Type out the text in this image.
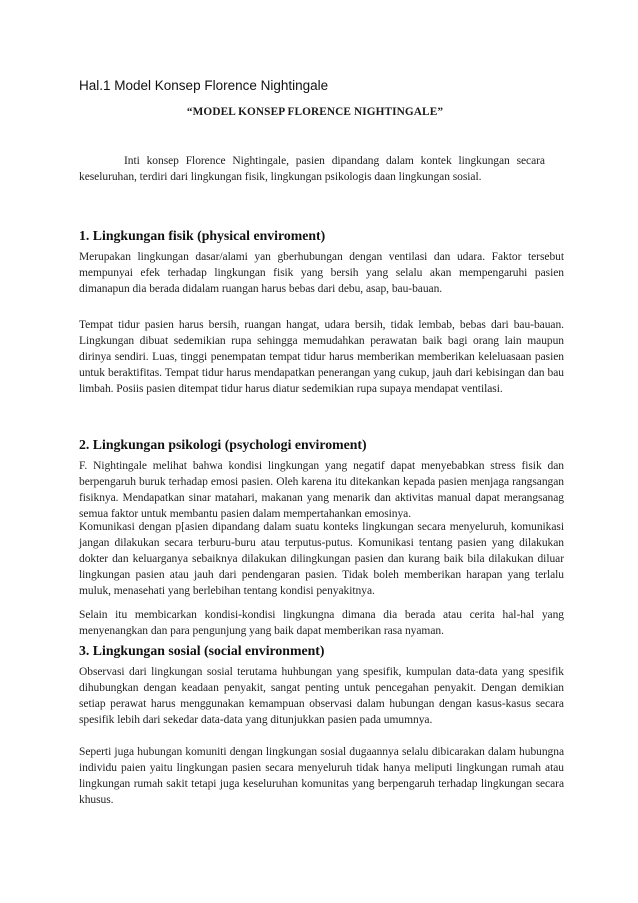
Hal.1 Model Konsep Florence Nightingale
“MODEL KONSEP FLORENCE NIGHTINGALE”
Inti konsep Florence Nightingale, pasien dipandang dalam kontek lingkungan secara keseluruhan, terdiri dari lingkungan fisik, lingkungan psikologis daan lingkungan sosial.
1. Lingkungan fisik (physical enviroment)
Merupakan lingkungan dasar/alami yan gberhubungan dengan ventilasi dan udara. Faktor tersebut mempunyai efek terhadap lingkungan fisik yang bersih yang selalu akan mempengaruhi pasien dimanapun dia berada didalam ruangan harus bebas dari debu, asap, bau-bauan.
Tempat tidur pasien harus bersih, ruangan hangat, udara bersih, tidak lembab, bebas dari bau-bauan. Lingkungan dibuat sedemikian rupa sehingga memudahkan perawatan baik bagi orang lain maupun dirinya sendiri. Luas, tinggi penempatan tempat tidur harus memberikan memberikan keleluasaan pasien untuk beraktifitas. Tempat tidur harus mendapatkan penerangan yang cukup, jauh dari kebisingan dan bau limbah. Posiis pasien ditempat tidur harus diatur sedemikian rupa supaya mendapat ventilasi.
2. Lingkungan psikologi (psychologi enviroment)
F. Nightingale melihat bahwa kondisi lingkungan yang negatif dapat menyebabkan stress fisik dan berpengaruh buruk terhadap emosi pasien. Oleh karena itu ditekankan kepada pasien menjaga rangsangan fisiknya. Mendapatkan sinar matahari, makanan yang menarik dan aktivitas manual dapat merangsanag semua faktor untuk membantu pasien dalam mempertahankan emosinya.
Komunikasi dengan p[asien dipandang dalam suatu konteks lingkungan secara menyeluruh, komunikasi jangan dilakukan secara terburu-buru atau terputus-putus. Komunikasi tentang pasien yang dilakukan dokter dan keluarganya sebaiknya dilakukan dilingkungan pasien dan kurang baik bila dilakukan diluar lingkungan pasien atau jauh dari pendengaran pasien. Tidak boleh memberikan harapan yang terlalu muluk, menasehati yang berlebihan tentang kondisi penyakitnya.
Selain itu membicarkan kondisi-kondisi lingkungna dimana dia berada atau cerita hal-hal yang menyenangkan dan para pengunjung yang baik dapat memberikan rasa nyaman.
3. Lingkungan sosial (social environment)
Observasi dari lingkungan sosial terutama huhbungan yang spesifik, kumpulan data-data yang spesifik dihubungkan dengan keadaan penyakit, sangat penting untuk pencegahan penyakit. Dengan demikian setiap perawat harus menggunakan kemampuan observasi dalam hubungan dengan kasus-kasus secara spesifik lebih dari sekedar data-data yang ditunjukkan pasien pada umumnya.
Seperti juga hubungan komuniti dengan lingkungan sosial dugaannya selalu dibicarakan dalam hubungna individu paien yaitu lingkungan pasien secara menyeluruh tidak hanya meliputi lingkungan rumah atau lingkungan rumah sakit tetapi juga keseluruhan komunitas yang berpengaruh terhadap lingkungan secara khusus.
